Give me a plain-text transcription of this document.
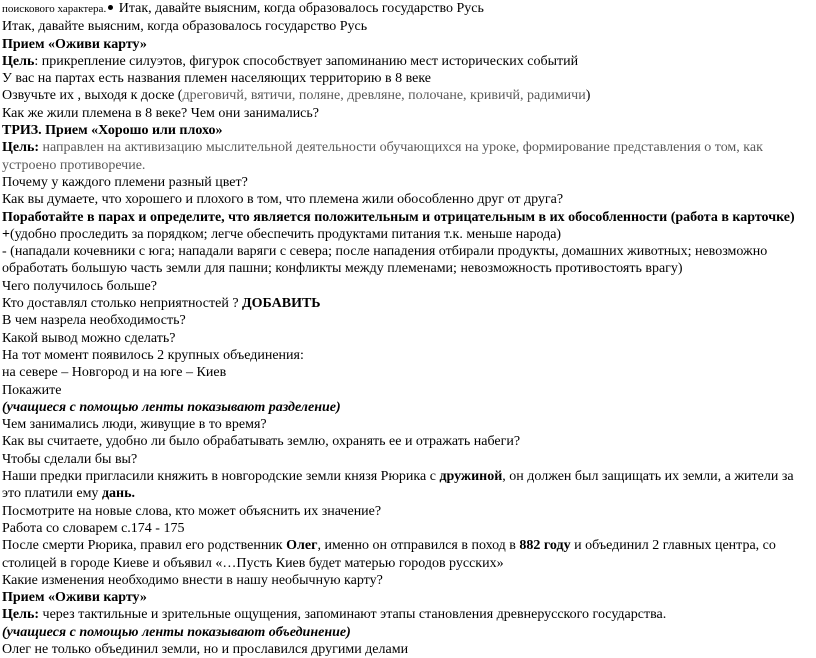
поискового характера. Итак, давайте выясним, когда образовалось государство Русь

Итак, давайте выясним, когда образовалось государство Русь

Прием «Оживи карту»

Цель: прикрепление силуэтов, фигурок способствует запоминанию мест исторических событий

У вас на партах есть названия племен населяющих территорию в 8 веке

Озвучьте их , выходя к доске (дреговичй, вятичи, поляне, древляне, полочане, кривичй, радимичи)

Как же жили племена в 8 веке? Чем они занимались?

ТРИЗ. Прием «Хорошо или плохо»

Цель: направлен на активизацию мыслительной деятельности обучающихся на уроке, формирование представления о том, как устроено противоречие.

Почему у каждого племени разный цвет?

Как вы думаете, что хорошего и плохого в том, что племена жили обособленно друг от друга?

Поработайте в парах и определите, что является положительным и отрицательным в их обособленности (работа в карточке)

+(удобно проследить за порядком; легче обеспечить продуктами питания т.к. меньше народа)

- (нападали кочевники с юга; нападали варяги с севера; после нападения отбирали продукты, домашних животных; невозможно обработать большую часть земли для пашни; конфликты между племенами; невозможность противостоять врагу)

Чего получилось больше?

Кто доставлял столько неприятностей ? ДОБАВИТЬ

В чем назрела необходимость?

Какой вывод можно сделать?

На тот момент появилось 2 крупных объединения:

на севере – Новгород и на юге – Киев

Покажите

(учащиеся с помощью ленты показывают разделение)

Чем занимались люди, живущие в то время?

Как вы считаете, удобно ли было обрабатывать землю, охранять ее и отражать набеги?

Чтобы сделали бы вы?

Наши предки пригласили княжить в новгородские земли князя Рюрика с дружиной, он должен был защищать их земли, а жители за это платили ему дань.

Посмотрите на новые слова, кто может объяснить их значение?

Работа со словарем с.174 - 175

После смерти Рюрика, правил его родственник Олег, именно он отправился в поход в 882 году и объединил 2 главных центра, со столицей в городе Киеве и объявил «…Пусть Киев будет матерью городов русских»

Какие изменения необходимо внести в нашу необычную карту?

Прием «Оживи карту»

Цель: через тактильные и зрительные ощущения, запоминают этапы становления древнерусского государства.

(учащиеся с помощью ленты показывают объединение)

Олег не только объединил земли, но и прославился другими делами
